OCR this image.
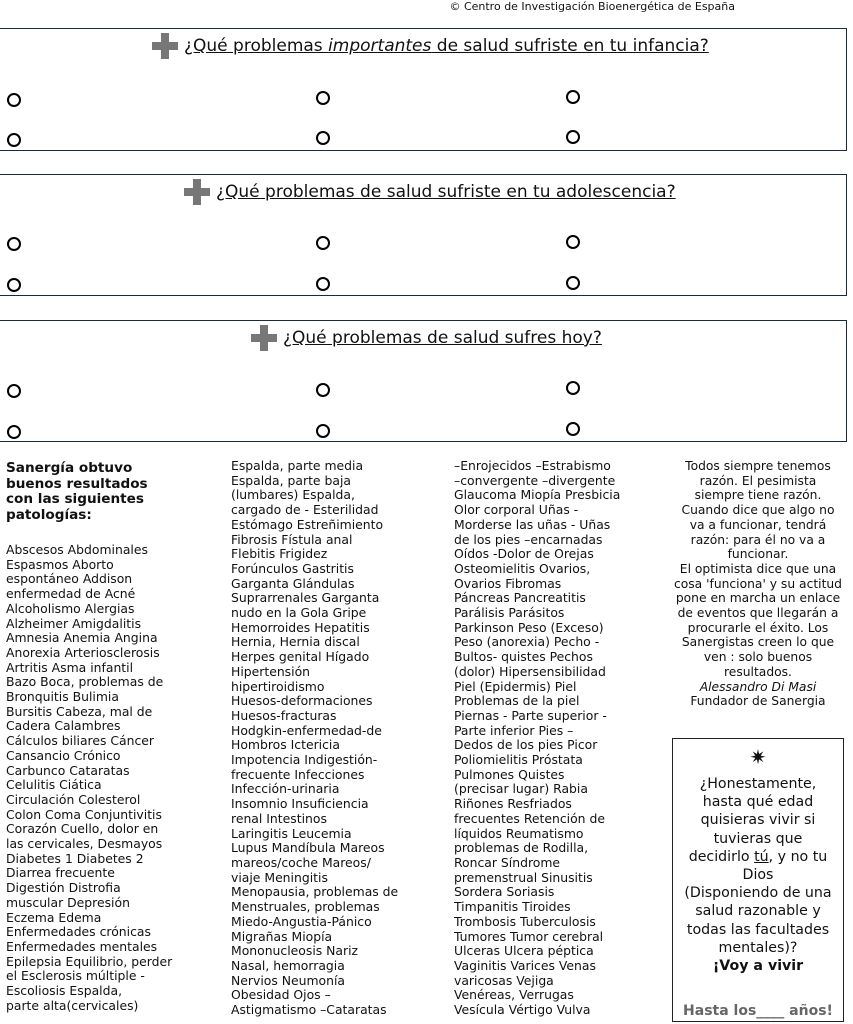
© Centro de Investigación Bioenergética de España
¿Qué problemas importantes de salud sufriste en tu infancia?
¿Qué problemas de salud sufriste en tu adolescencia?
¿Qué problemas de salud sufres hoy?
Sanergía obtuvo
buenos resultados
con las siguientes
patologías:
Abscesos Abdominales
Espasmos Aborto
espontáneo Addison
enfermedad de Acné
Alcoholismo Alergias
Alzheimer Amigdalitis
Amnesia Anemia Angina
Anorexia Arteriosclerosis
Artritis Asma infantil
Bazo Boca, problemas de
Bronquitis Bulimia
Bursitis Cabeza, mal de
Cadera Calambres
Cálculos biliares Cáncer
Cansancio Crónico
Carbunco Cataratas
Celulitis Ciática
Circulación Colesterol
Colon Coma Conjuntivitis
Corazón Cuello, dolor en
las cervicales, Desmayos
Diabetes 1 Diabetes 2
Diarrea frecuente
Digestión Distrofia
muscular Depresión
Eczema Edema
Enfermedades crónicas
Enfermedades mentales
Epilepsia Equilibrio, perder
el Esclerosis múltiple -
Escoliosis Espalda,
parte alta(cervicales)
Espalda, parte media
Espalda, parte baja
(lumbares) Espalda,
cargado de - Esterilidad
Estómago Estreñimiento
Fibrosis Fístula anal
Flebitis Frigidez
Forúnculos Gastritis
Garganta Glándulas
Suprarrenales Garganta
nudo en la Gola Gripe
Hemorroides Hepatitis
Hernia, Hernia discal
Herpes genital Hígado
Hipertensión
hipertiroidismo
Huesos-deformaciones
Huesos-fracturas
Hodgkin-enfermedad-de
Hombros Ictericia
Impotencia Indigestión-
frecuente Infecciones
Infección-urinaria
Insomnio Insuficiencia
renal Intestinos
Laringitis Leucemia
Lupus Mandíbula Mareos
mareos/coche Mareos/
viaje Meningitis
Menopausia, problemas de
Menstruales, problemas
Miedo-Angustia-Pánico
Migrañas Miopía
Mononucleosis Nariz
Nasal, hemorragia
Nervios Neumonía
Obesidad Ojos –
Astigmatismo –Cataratas
–Enrojecidos –Estrabismo
–convergente –divergente
Glaucoma Miopía Presbicia
Olor corporal Uñas -
Morderse las uñas - Uñas
de los pies –encarnadas
Oídos -Dolor de Orejas
Osteomielitis Ovarios,
Ovarios Fibromas
Páncreas Pancreatitis
Parálisis Parásitos
Parkinson Peso (Exceso)
Peso (anorexia) Pecho -
Bultos- quistes Pechos
(dolor) Hipersensibilidad
Piel (Epidermis) Piel
Problemas de la piel
Piernas - Parte superior -
Parte inferior Pies –
Dedos de los pies Picor
Poliomielitis Próstata
Pulmones Quistes
(precisar lugar) Rabia
Riñones Resfriados
frecuentes Retención de
líquidos Reumatismo
problemas de Rodilla,
Roncar Síndrome
premenstrual Sinusitis
Sordera Soriasis
Timpanitis Tiroides
Trombosis Tuberculosis
Tumores Tumor cerebral
Ulceras Ulcera péptica
Vaginitis Varices Venas
varicosas Vejiga
Venéreas, Verrugas
Vesícula Vértigo Vulva
Todos siempre tenemos
razón. El pesimista
siempre tiene razón.
Cuando dice que algo no
va a funcionar, tendrá
razón: para él no va a
funcionar.
El optimista dice que una
cosa 'funciona' y su actitud
pone en marcha un enlace
de eventos que llegarán a
procurarle el éxito. Los
Sanergistas creen lo que
ven : solo buenos
resultados.
Alessandro Di Masi
Fundador de Sanergia
✷
¿Honestamente,
hasta qué edad
quisieras vivir si
tuvieras que
decidirlo tú, y no tu
Dios
(Disponiendo de una
salud razonable y
todas las facultades
mentales)?
¡Voy a vivir
Hasta los____ años!
